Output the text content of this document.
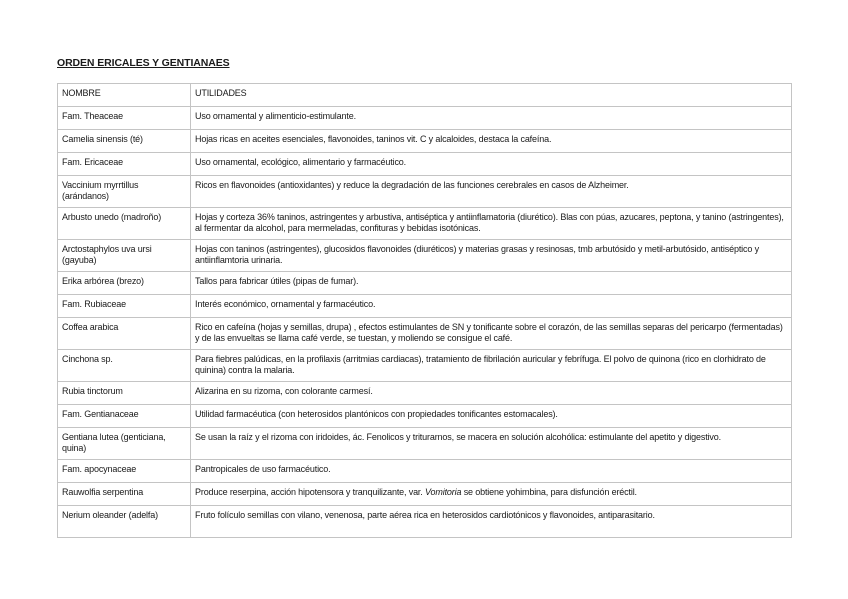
ORDEN ERICALES Y GENTIANAES
NOMBRE	UTILIDADES
Fam. Theaceae	Uso ornamental y alimenticio-estimulante.
Camelia sinensis (té)	Hojas ricas en aceites esenciales, flavonoides, taninos vit. C y alcaloides, destaca la cafeína.
Fam. Ericaceae	Uso ornamental, ecológico, alimentario y farmacéutico.
Vaccinium myrrtillus (arándanos)	Ricos en flavonoides (antioxidantes) y reduce la degradación de las funciones cerebrales en casos de Alzheimer.
Arbusto unedo (madroño)	Hojas y corteza 36% taninos, astringentes y arbustiva, antiséptica y antiinflamatoria (diurético). Blas con púas, azucares, peptona, y tanino (astringentes), al fermentar da alcohol, para mermeladas, confituras y bebidas isotónicas.
Arctostaphylos uva ursi (gayuba)	Hojas con taninos (astringentes), glucosidos flavonoides (diuréticos) y materias grasas y resinosas, tmb arbutósido y metil-arbutósido, antiséptico y antiinflamtoria urinaria.
Erika arbórea (brezo)	Tallos para fabricar útiles (pipas de fumar).
Fam. Rubiaceae	Interés económico, ornamental y farmacéutico.
Coffea arabica	Rico en cafeína (hojas y semillas, drupa) , efectos estimulantes de SN y tonificante sobre el corazón, de las semillas separas del pericarpo (fermentadas) y de las envueltas se llama café verde, se tuestan, y moliendo se consigue el café.
Cinchona sp.	Para fiebres palúdicas, en la profilaxis (arritmias cardiacas), tratamiento de fibrilación auricular y febrífuga. El polvo de quinona (rico en clorhidrato de quinina) contra la malaria.
Rubia tinctorum	Alizarina en su rizoma, con colorante carmesí.
Fam. Gentianaceae	Utilidad farmacéutica (con heterosidos plantónicos con propiedades tonificantes estomacales).
Gentiana lutea (genticiana, quina)	Se usan la raíz y el rizoma con iridoides, ác. Fenolicos y triturarnos, se macera en solución alcohólica: estimulante del apetito y digestivo.
Fam. apocynaceae	Pantropicales de uso farmacéutico.
Rauwolfia serpentina	Produce reserpina, acción hipotensora y tranquilizante, var. Vomitoria se obtiene yohimbina, para disfunción eréctil.
Nerium oleander (adelfa)	Fruto folículo semillas con vilano, venenosa, parte aérea rica en heterosidos cardiotónicos y flavonoides, antiparasitario.
